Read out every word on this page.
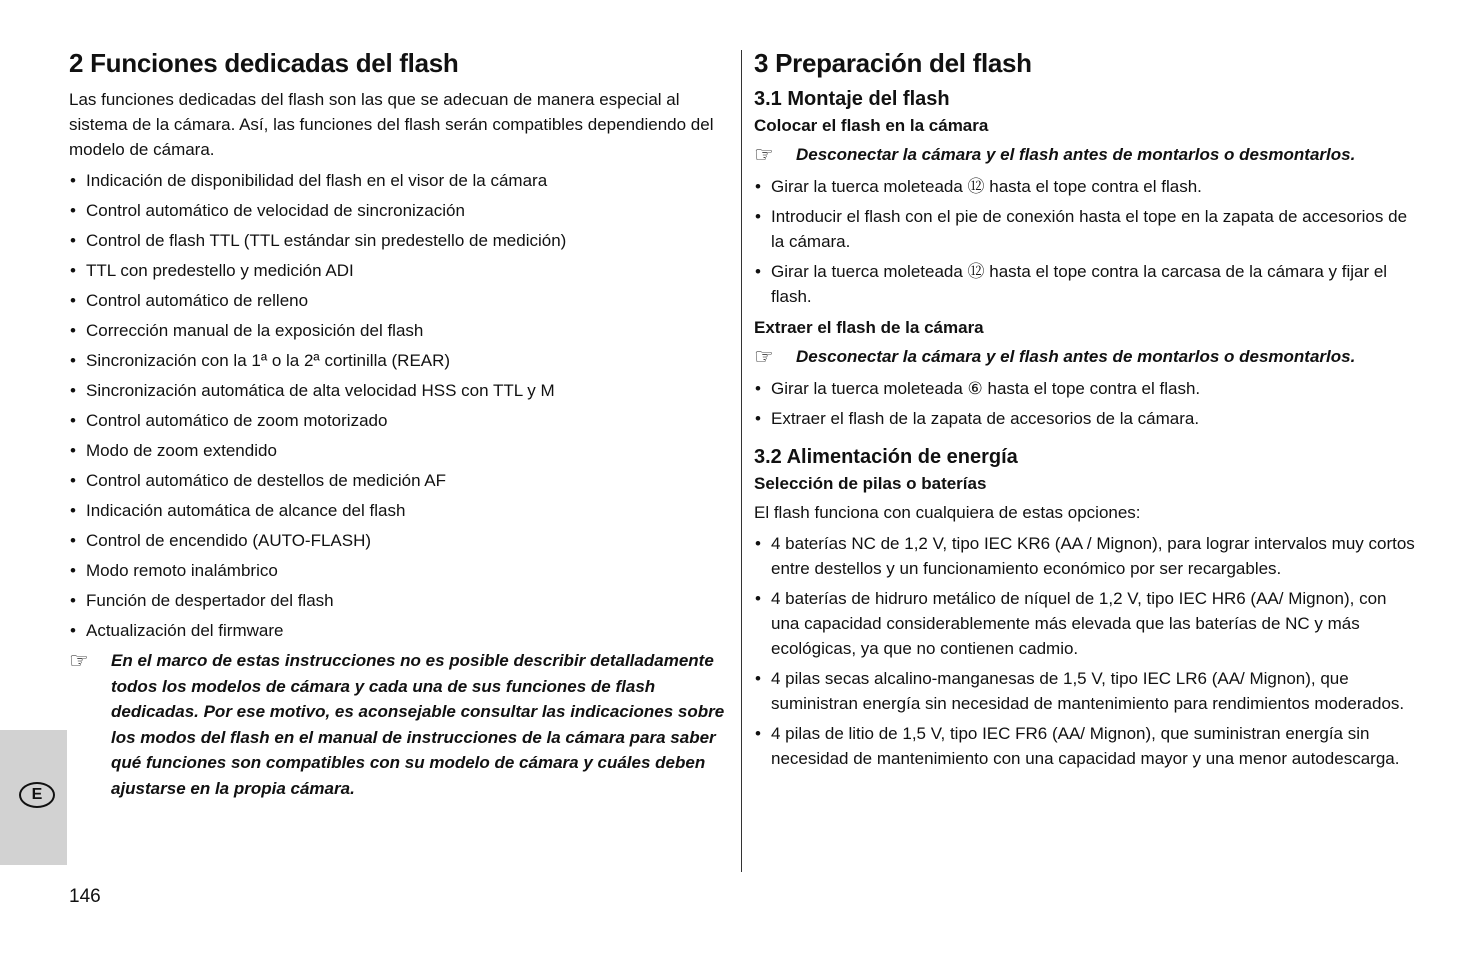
2 Funciones dedicadas del flash

Las funciones dedicadas del flash son las que se adecuan de manera especial al sistema de la cámara. Así, las funciones del flash serán compatibles dependiendo del modelo de cámara.

• Indicación de disponibilidad del flash en el visor de la cámara
• Control automático de velocidad de sincronización
• Control de flash TTL (TTL estándar sin predestello de medición)
• TTL con predestello y medición ADI
• Control automático de relleno
• Corrección manual de la exposición del flash
• Sincronización con la 1ª o la 2ª cortinilla (REAR)
• Sincronización automática de alta velocidad HSS con TTL y M
• Control automático de zoom motorizado
• Modo de zoom extendido
• Control automático de destellos de medición AF
• Indicación automática de alcance del flash
• Control de encendido (AUTO-FLASH)
• Modo remoto inalámbrico
• Función de despertador del flash
• Actualización del firmware
☞	En el marco de estas instrucciones no es posible describir detalladamente todos los modelos de cámara y cada una de sus funciones de flash dedicadas. Por ese motivo, es aconsejable consultar las indicaciones sobre los modos del flash en el manual de instrucciones de la cámara para saber qué funciones son compatibles con su modelo de cámara y cuáles deben ajustarse en la propia cámara.
3 Preparación del flash
3.1 Montaje del flash
Colocar el flash en la cámara
☞	Desconectar la cámara y el flash antes de montarlos o desmontarlos.
• Girar la tuerca moleteada ⑫ hasta el tope contra el flash.
• Introducir el flash con el pie de conexión hasta el tope en la zapata de accesorios de la cámara.
• Girar la tuerca moleteada ⑫ hasta el tope contra la carcasa de la cámara y fijar el flash.
Extraer el flash de la cámara
☞	Desconectar la cámara y el flash antes de montarlos o desmontarlos.
• Girar la tuerca moleteada ⑥ hasta el tope contra el flash.
• Extraer el flash de la zapata de accesorios de la cámara.
3.2 Alimentación de energía
Selección de pilas o baterías

El flash funciona con cualquiera de estas opciones:

• 4 baterías NC de 1,2 V, tipo IEC KR6 (AA / Mignon), para lograr intervalos muy cortos entre destellos y un funcionamiento económico por ser recargables.
• 4 baterías de hidruro metálico de níquel de 1,2 V, tipo IEC HR6 (AA/ Mignon), con una capacidad considerablemente más elevada que las baterías de NC y más ecológicas, ya que no contienen cadmio.
• 4 pilas secas alcalino-manganesas de 1,5 V, tipo IEC LR6 (AA/ Mignon), que suministran energía sin necesidad de mantenimiento para rendimientos moderados.
• 4 pilas de litio de 1,5 V, tipo IEC FR6 (AA/ Mignon), que suministran energía sin necesidad de mantenimiento con una capacidad mayor y una menor autodescarga.
E
146
